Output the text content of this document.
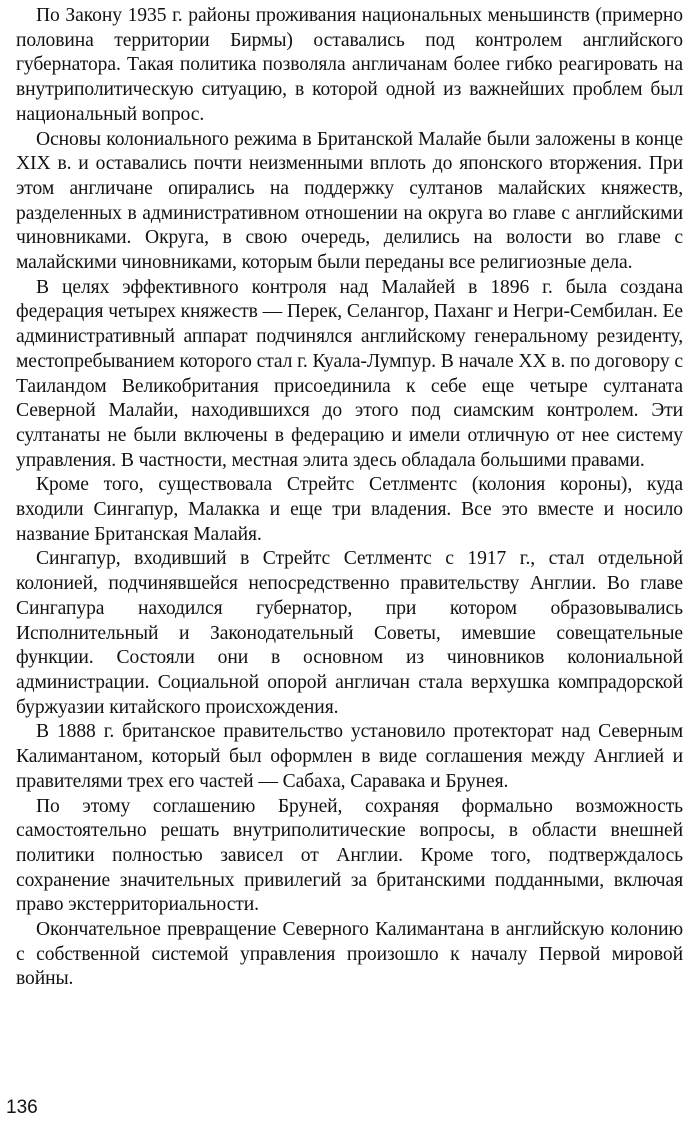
По Закону 1935 г. районы проживания национальных меньшинств (примерно половина территории Бирмы) оставались под контролем английского губернатора. Такая политика позволяла англичанам более гибко реагировать на внутриполитическую ситуацию, в которой одной из важнейших проблем был национальный вопрос.

Основы колониального режима в Британской Малайе были заложены в конце XIX в. и оставались почти неизменными вплоть до японского вторжения. При этом англичане опирались на поддержку султанов малайских княжеств, разделенных в административном отношении на округа во главе с английскими чиновниками. Округа, в свою очередь, делились на волости во главе с малайскими чиновниками, которым были переданы все религиозные дела.

В целях эффективного контроля над Малайей в 1896 г. была создана федерация четырех княжеств — Перек, Селангор, Паханг и Негри-Сембилан. Ее административный аппарат подчинялся английскому генеральному резиденту, местопребыванием которого стал г. Куала-Лумпур. В начале XX в. по договору с Таиландом Великобритания присоединила к себе еще четыре султаната Северной Малайи, находившихся до этого под сиамским контролем. Эти султанаты не были включены в федерацию и имели отличную от нее систему управления. В частности, местная элита здесь обладала большими правами.

Кроме того, существовала Стрейтс Сетлментс (колония короны), куда входили Сингапур, Малакка и еще три владения. Все это вместе и носило название Британская Малайя.

Сингапур, входивший в Стрейтс Сетлментс с 1917 г., стал отдельной колонией, подчинявшейся непосредственно правительству Англии. Во главе Сингапура находился губернатор, при котором образовывались Исполнительный и Законодательный Советы, имевшие совещательные функции. Состояли они в основном из чиновников колониальной администрации. Социальной опорой англичан стала верхушка компрадорской буржуазии китайского происхождения.

В 1888 г. британское правительство установило протекторат над Северным Калимантаном, который был оформлен в виде соглашения между Англией и правителями трех его частей — Сабаха, Саравака и Брунея.

По этому соглашению Бруней, сохраняя формально возможность самостоятельно решать внутриполитические вопросы, в области внешней политики полностью зависел от Англии. Кроме того, подтверждалось сохранение значительных привилегий за британскими подданными, включая право экстерриториальности.

Окончательное превращение Северного Калимантана в английскую колонию с собственной системой управления произошло к началу Первой мировой войны.

136
